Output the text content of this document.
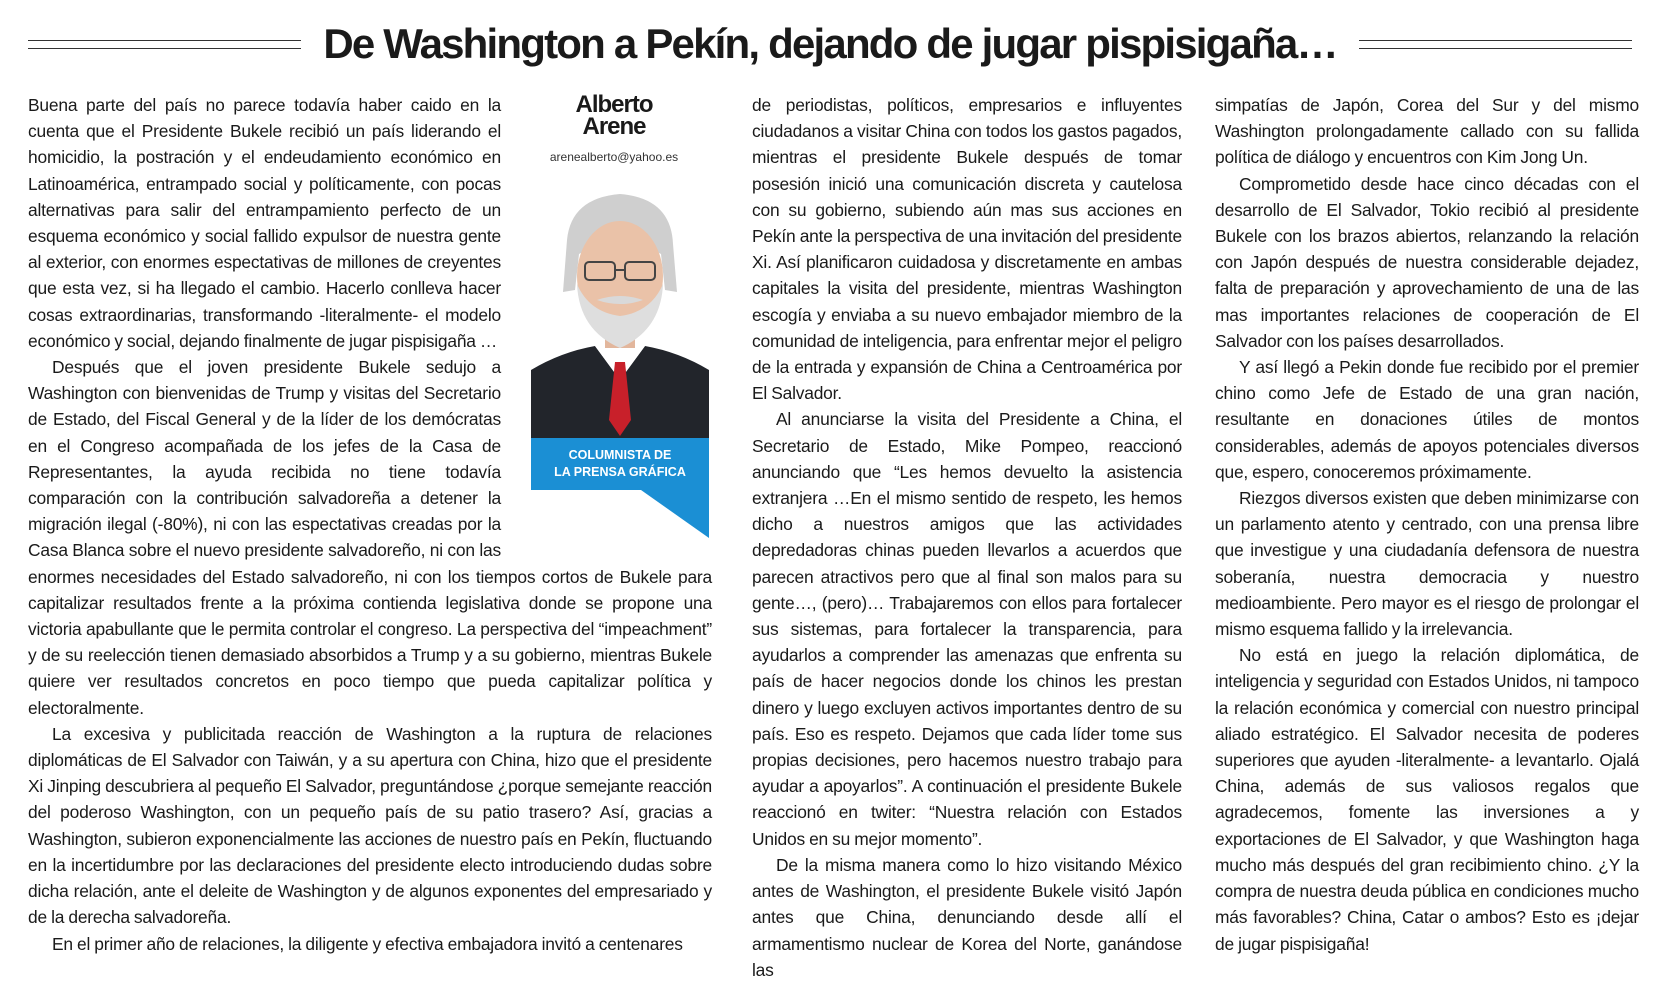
De Washington a Pekín, dejando de jugar pispisigaña…
Alberto
Arene
arenealberto@yahoo.es
COLUMNISTA DE
LA PRENSA GRÁFICA

Buena parte del país no parece todavía haber caido en la cuenta que el Presidente Bukele recibió un país liderando el homicidio, la postración y el endeudamiento económico en Latinoamérica, entrampado social y políticamente, con pocas alternativas para salir del entrampamiento perfecto de un esquema económico y social fallido expulsor de nuestra gente al exterior, con enormes espectativas de millones de creyentes que esta vez, si ha llegado el cambio. Hacerlo conlleva hacer cosas extraordinarias, transformando -literalmente- el modelo económico y social, dejando finalmente de jugar pispisigaña …

Después que el joven presidente Bukele sedujo a Washington con bienvenidas de Trump y visitas del Secretario de Estado, del Fiscal General y de la líder de los demócratas en el Congreso acompañada de los jefes de la Casa de Representantes, la ayuda recibida no tiene todavía comparación con la contribución salvadoreña a detener la migración ilegal (-80%), ni con las espectativas creadas por la Casa Blanca sobre el nuevo presidente salvadoreño, ni con las enormes necesidades del Estado salvadoreño, ni con los tiempos cortos de Bukele para capitalizar resultados frente a la próxima contienda legislativa donde se propone una victoria apabullante que le permita controlar el congreso. La perspectiva del “impeachment” y de su reelección tienen demasiado absorbidos a Trump y a su gobierno, mientras Bukele quiere ver resultados concretos en poco tiempo que pueda capitalizar política y electoralmente.

La excesiva y publicitada reacción de Washington a la ruptura de relaciones diplomáticas de El Salvador con Taiwán, y a su apertura con China, hizo que el presidente Xi Jinping descubriera al pequeño El Salvador, preguntándose ¿porque semejante reacción del poderoso Washington, con un pequeño país de su patio trasero? Así, gracias a Washington, subieron exponencialmente las acciones de nuestro país en Pekín, fluctuando en la incertidumbre por las declaraciones del presidente electo introduciendo dudas sobre dicha relación, ante el deleite de Washington y de algunos exponentes del empresariado y de la derecha salvadoreña.

En el primer año de relaciones, la diligente y efectiva embajadora invitó a centenares

de periodistas, políticos, empresarios e influyentes ciudadanos a visitar China con todos los gastos pagados, mientras el presidente Bukele después de tomar posesión inició una comunicación discreta y cautelosa con su gobierno, subiendo aún mas sus acciones en Pekín ante la perspectiva de una invitación del presidente Xi. Así planificaron cuidadosa y discretamente en ambas capitales la visita del presidente, mientras Washington escogía y enviaba a su nuevo embajador miembro de la comunidad de inteligencia, para enfrentar mejor el peligro de la entrada y expansión de China a Centroamérica por El Salvador.

Al anunciarse la visita del Presidente a China, el Secretario de Estado, Mike Pompeo, reaccionó anunciando que “Les hemos devuelto la asistencia extranjera …En el mismo sentido de respeto, les hemos dicho a nuestros amigos que las actividades depredadoras chinas pueden llevarlos a acuerdos que parecen atractivos pero que al final son malos para su gente…, (pero)… Trabajaremos con ellos para fortalecer sus sistemas, para fortalecer la transparencia, para ayudarlos a comprender las amenazas que enfrenta su país de hacer negocios donde los chinos les prestan dinero y luego excluyen activos importantes dentro de su país. Eso es respeto. Dejamos que cada líder tome sus propias decisiones, pero hacemos nuestro trabajo para ayudar a apoyarlos”. A continuación el presidente Bukele reaccionó en twiter: “Nuestra relación con Estados Unidos en su mejor momento”.

De la misma manera como lo hizo visitando México antes de Washington, el presidente Bukele visitó Japón antes que China, denunciando desde allí el armamentismo nuclear de Korea del Norte, ganándose las

simpatías de Japón, Corea del Sur y del mismo Washington prolongadamente callado con su fallida política de diálogo y encuentros con Kim Jong Un.

Comprometido desde hace cinco décadas con el desarrollo de El Salvador, Tokio recibió al presidente Bukele con los brazos abiertos, relanzando la relación con Japón después de nuestra considerable dejadez, falta de preparación y aprovechamiento de una de las mas importantes relaciones de cooperación de El Salvador con los países desarrollados.

Y así llegó a Pekin donde fue recibido por el premier chino como Jefe de Estado de una gran nación, resultante en donaciones útiles de montos considerables, además de apoyos potenciales diversos que, espero, conoceremos próximamente.

Riezgos diversos existen que deben minimizarse con un parlamento atento y centrado, con una prensa libre que investigue y una ciudadanía defensora de nuestra soberanía, nuestra democracia y nuestro medioambiente. Pero mayor es el riesgo de prolongar el mismo esquema fallido y la irrelevancia.

No está en juego la relación diplomática, de inteligencia y seguridad con Estados Unidos, ni tampoco la relación económica y comercial con nuestro principal aliado estratégico. El Salvador necesita de poderes superiores que ayuden -literalmente- a levantarlo. Ojalá China, además de sus valiosos regalos que agradecemos, fomente las inversiones a y exportaciones de El Salvador, y que Washington haga mucho más después del gran recibimiento chino. ¿Y la compra de nuestra deuda pública en condiciones mucho más favorables? China, Catar o ambos? Esto es ¡dejar de jugar pispisigaña!
